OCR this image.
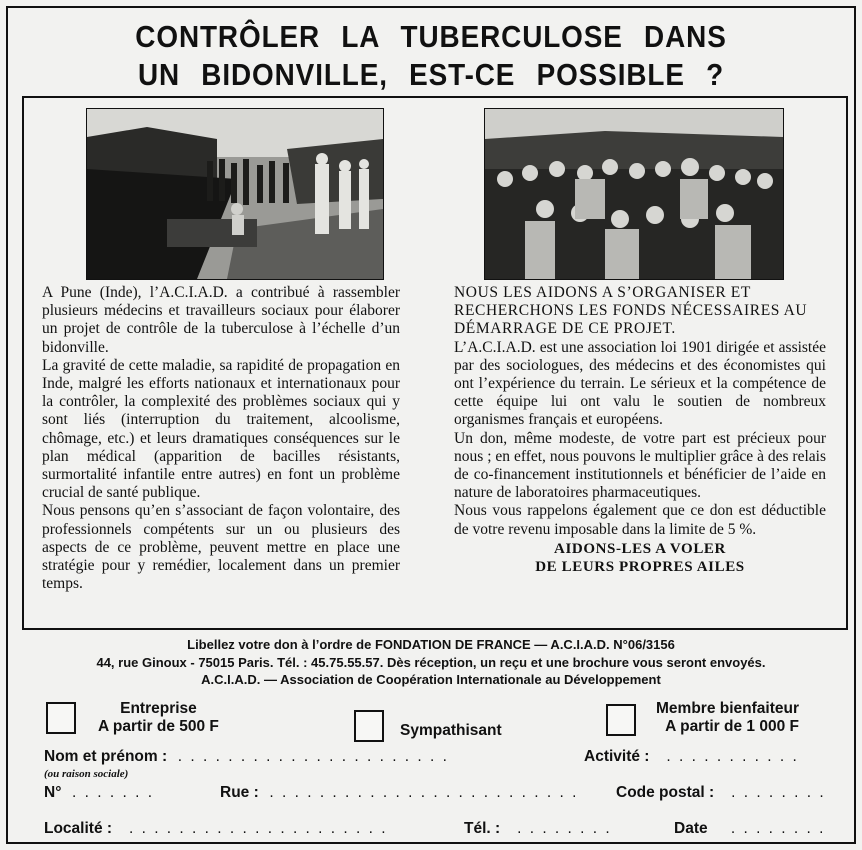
CONTRÔLER LA TUBERCULOSE DANS
UN BIDONVILLE, EST-CE POSSIBLE ?

A Pune (Inde), l’A.C.I.A.D. a contribué à rassembler plusieurs médecins et travailleurs sociaux pour élaborer un projet de contrôle de la tuberculose à l’échelle d’un bidonville.

La gravité de cette maladie, sa rapidité de propagation en Inde, malgré les efforts nationaux et internationaux pour la contrôler, la complexité des problèmes sociaux qui y sont liés (interruption du traitement, alcoolisme, chômage, etc.) et leurs dramatiques conséquences sur le plan médical (apparition de bacilles résistants, surmortalité infantile entre autres) en font un problème crucial de santé publique.

Nous pensons qu’en s’associant de façon volontaire, des professionnels compétents sur un ou plusieurs des aspects de ce problème, peuvent mettre en place une stratégie pour y remédier, localement dans un premier temps.

NOUS LES AIDONS A S’ORGANISER ET RECHERCHONS LES FONDS NÉCESSAIRES AU DÉMARRAGE DE CE PROJET.

L’A.C.I.A.D. est une association loi 1901 dirigée et assistée par des sociologues, des médecins et des économistes qui ont l’expérience du terrain. Le sérieux et la compétence de cette équipe lui ont valu le soutien de nombreux organismes français et européens.

Un don, même modeste, de votre part est précieux pour nous ; en effet, nous pouvons le multiplier grâce à des relais de co-financement institutionnels et bénéficier de l’aide en nature de laboratoires pharmaceutiques.

Nous vous rappelons également que ce don est déductible de votre revenu imposable dans la limite de 5 %.

AIDONS-LES A VOLER
DE LEURS PROPRES AILES
Libellez votre don à l’ordre de FONDATION DE FRANCE — A.C.I.A.D. N°06/3156
44, rue Ginoux - 75015 Paris. Tél. : 45.75.55.57. Dès réception, un reçu et une brochure vous seront envoyés.
A.C.I.A.D. — Association de Coopération Internationale au Développement
Entreprise
A partir de 500 F	Sympathisant
Membre bienfaiteur
A partir de 1 000 F
Nom et prénom :  . . . . . . . . . . . . . . . . . . . . . .
(ou raison sociale)
Activité :   . . . . . . . . . . .
N°  . . . . . . .	Rue :  . . . . . . . . . . . . . . . . . . . . . . . . . Code postal :   . . . . . . . .
Localité :   . . . . . . . . . . . . . . . . . . . . .	Tél. :   . . . . . . . .	Date    . . . . . . . .
